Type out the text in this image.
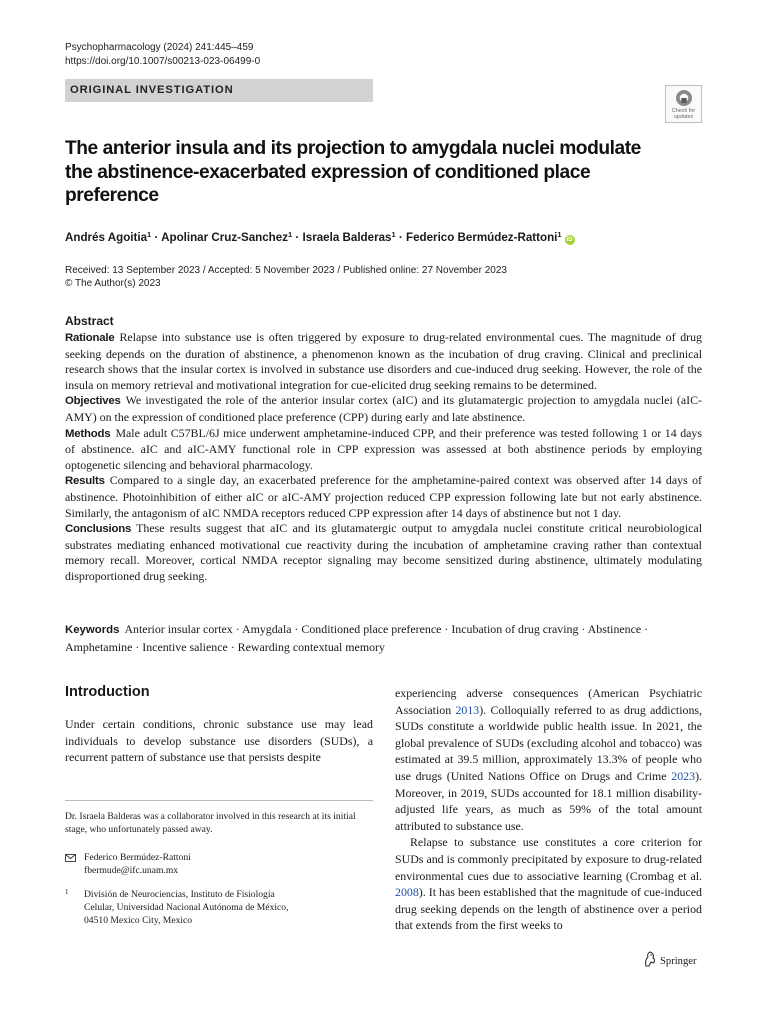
Psychopharmacology (2024) 241:445–459
https://doi.org/10.1007/s00213-023-06499-0
ORIGINAL INVESTIGATION
Check for
updates
The anterior insula and its projection to amygdala nuclei modulate the abstinence-exacerbated expression of conditioned place preference
Andrés Agoitia$^1$ · Apolinar Cruz-Sanchez$^1$ · Israela Balderas$^1$ · Federico Bermúdez-Rattoni$^1$iD
Received: 13 September 2023 / Accepted: 5 November 2023 / Published online: 27 November 2023
© The Author(s) 2023
Abstract

Rationale Relapse into substance use is often triggered by exposure to drug-related environmental cues. The magnitude of drug seeking depends on the duration of abstinence, a phenomenon known as the incubation of drug craving. Clinical and preclinical research shows that the insular cortex is involved in substance use disorders and cue-induced drug seeking. However, the role of the insula on memory retrieval and motivational integration for cue-elicited drug seeking remains to be determined.

Objectives We investigated the role of the anterior insular cortex (aIC) and its glutamatergic projection to amygdala nuclei (aIC-AMY) on the expression of conditioned place preference (CPP) during early and late abstinence.

Methods Male adult C57BL/6J mice underwent amphetamine-induced CPP, and their preference was tested following 1 or 14 days of abstinence. aIC and aIC-AMY functional role in CPP expression was assessed at both abstinence periods by employing optogenetic silencing and behavioral pharmacology.

Results Compared to a single day, an exacerbated preference for the amphetamine-paired context was observed after 14 days of abstinence. Photoinhibition of either aIC or aIC-AMY projection reduced CPP expression following late but not early abstinence. Similarly, the antagonism of aIC NMDA receptors reduced CPP expression after 14 days of abstinence but not 1 day.

Conclusions These results suggest that aIC and its glutamatergic output to amygdala nuclei constitute critical neurobiological substrates mediating enhanced motivational cue reactivity during the incubation of amphetamine craving rather than contextual memory recall. Moreover, cortical NMDA receptor signaling may become sensitized during abstinence, ultimately modulating disproportioned drug seeking.

Keywords Anterior insular cortex · Amygdala · Conditioned place preference · Incubation of drug craving · Abstinence · Amphetamine · Incentive salience · Rewarding contextual memory
Introduction

Under certain conditions, chronic substance use may lead individuals to develop substance use disorders (SUDs), a recurrent pattern of substance use that persists despite

Dr. Israela Balderas was a collaborator involved in this research at its initial stage, who unfortunately passed away.
Federico Bermúdez-Rattoni
fbermude@ifc.unam.mx
1 División de Neurociencias, Instituto de Fisiología
Celular, Universidad Nacional Autónoma de México,
04510 Mexico City, Mexico

experiencing adverse consequences (American Psychiatric Association 2013). Colloquially referred to as drug addictions, SUDs constitute a worldwide public health issue. In 2021, the global prevalence of SUDs (excluding alcohol and tobacco) was estimated at 39.5 million, approximately 13.3% of people who use drugs (United Nations Office on Drugs and Crime 2023). Moreover, in 2019, SUDs accounted for 18.1 million disability-adjusted life years, as much as 59% of the total amount attributed to substance use.

Relapse to substance use constitutes a core criterion for SUDs and is commonly precipitated by exposure to drug-related environmental cues due to associative learning (Crombag et al. 2008). It has been established that the magnitude of cue-induced drug seeking depends on the length of abstinence over a period that extends from the first weeks to

Springer
